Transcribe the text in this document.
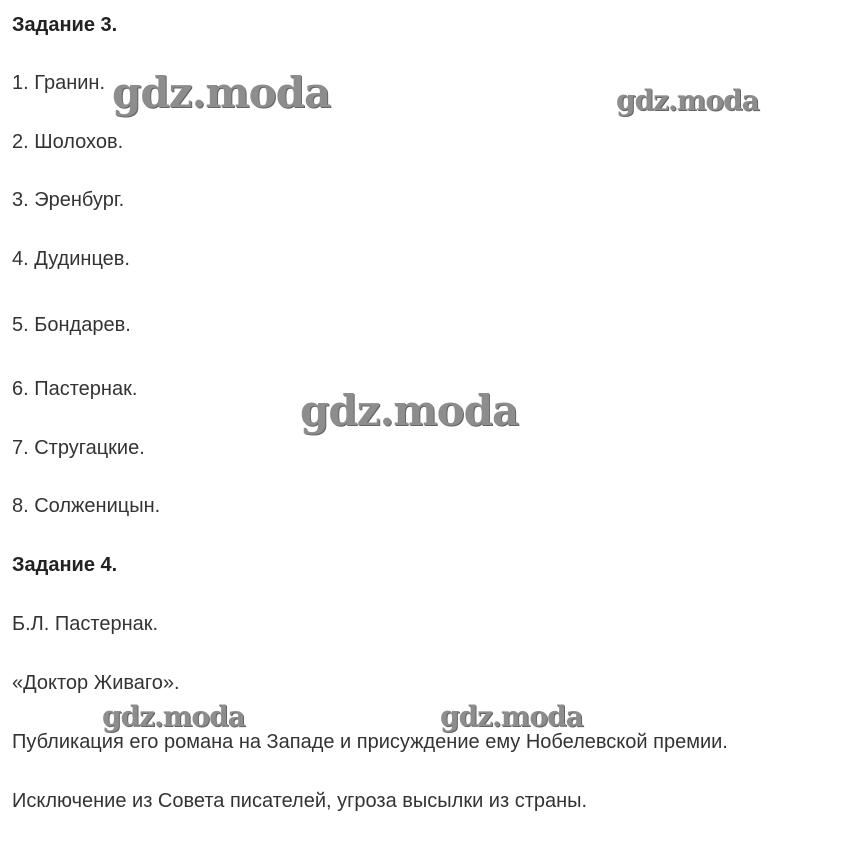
Задание 3.
1. Гранин.
2. Шолохов.
3. Эренбург.
4. Дудинцев.
5. Бондарев.
6. Пастернак.
7. Стругацкие.
8. Солженицын.
Задание 4.
Б.Л. Пастернак.
«Доктор Живаго».
Публикация его романа на Западе и присуждение ему Нобелевской премии.
Исключение из Совета писателей, угроза высылки из страны.
gdz.moda	gdz.moda
gdz.moda
gdz.moda	gdz.moda
